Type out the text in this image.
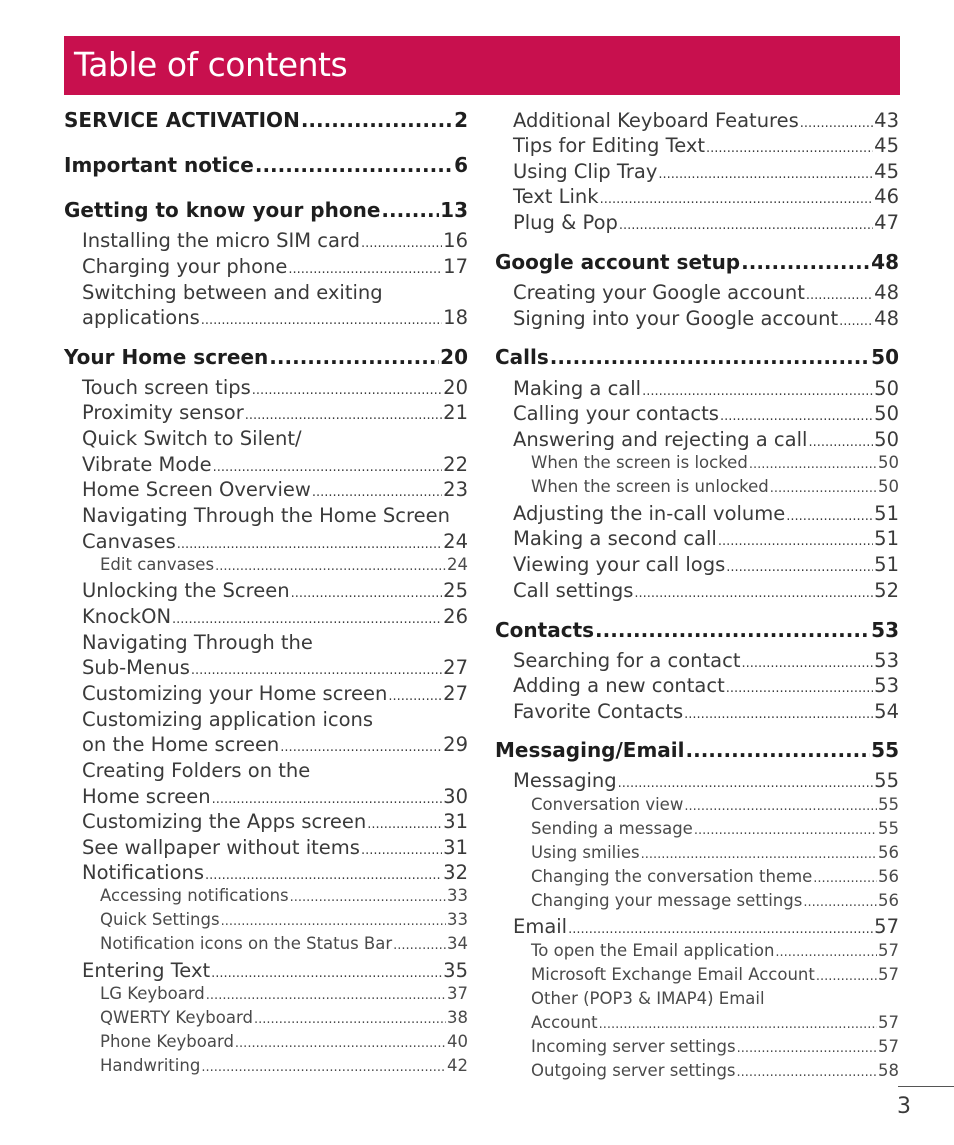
Table of contents
SERVICE ACTIVATION .....	2
Important notice .....	6
Getting to know your phone .....	13
Installing the micro SIM card .....	16
Charging your phone .....	17
Switching between and exiting
applications .....	18
Your Home screen .....	20
Touch screen tips .....	20
Proximity sensor .....	21
Quick Switch to Silent/
Vibrate Mode .....	22
Home Screen Overview .....	23
Navigating Through the Home Screen
Canvases .....	24
Edit canvases .....	24
Unlocking the Screen .....	25
KnockON .....	26
Navigating Through the
Sub-Menus .....	27
Customizing your Home screen .....	27
Customizing application icons
on the Home screen .....	29
Creating Folders on the
Home screen .....	30
Customizing the Apps screen .....	31
See wallpaper without items .....	31
Notifications .....	32
Accessing notifications .....	33
Quick Settings .....	33
Notification icons on the Status Bar .....	34
Entering Text .....	35
LG Keyboard .....	37
QWERTY Keyboard .....	38
Phone Keyboard .....	40
Handwriting .....	42
Additional Keyboard Features .....	43
Tips for Editing Text .....	45
Using Clip Tray .....	45
Text Link .....	46
Plug & Pop .....	47
Google account setup .....	48
Creating your Google account .....	48
Signing into your Google account ..... 48
Calls .....	50
Making a call .....	50
Calling your contacts .....	50
Answering and rejecting a call .....	50
When the screen is locked .....	50
When the screen is unlocked .....	50
Adjusting the in-call volume .....	51
Making a second call .....	51
Viewing your call logs .....	51
Call settings .....	52
Contacts .....	53
Searching for a contact .....	53
Adding a new contact .....	53
Favorite Contacts .....	54
Messaging/Email .....	55
Messaging .....	55
Conversation view .....	55
Sending a message .....	55
Using smilies .....	56
Changing the conversation theme .....	56
Changing your message settings .....	56
Email .....	57
To open the Email application .....	57
Microsoft Exchange Email Account .....	57
Other (POP3 & IMAP4) Email
Account .....	57
Incoming server settings .....	57
Outgoing server settings .....	58
3
